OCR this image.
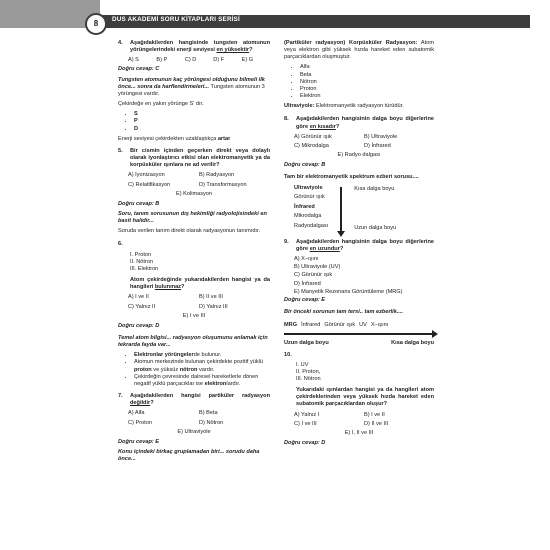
8	DUS AKADEMİ SORU KİTAPLARI SERİSİ
4.	Aşağıdakilerden hangisinde tungsten atomunun yörüngelerindeki enerji seviyesi en yüksektir?
A) S	B) P	C) D	D) F	E) G

Doğru cevap: C

Tungsten atomunun kaç yörüngesi olduğunu bilmeli ilk önce... sonra da harflendirmeleri... Tungsten atomunun 3 yörüngesi vardır.

Çekirdeğe en yakın yörünge S' dır.

• S
• P
• D

Enerji seviyesi çekirdekten uzaklaştıkça artar

5.	Bir cismin içinden geçerken direkt veya dolaylı olarak iyonlaştırıcı etkisi olan elektromanyetik ya da korpüsküler ışınlara ne ad verilir?
A) İyonizasyon	B) Radyasyon
C) Relatifikasyon	D) Transformasyon
E) Kolimasyon

Doğru cevap: B

Soru, tanım sorusunun dış hekimliği radyolojisindeki en basit halidir...

Soruda verilen tanım direkt olarak radyasyonun tanımıdır.

6.
I. Proton
II. Nötron
III. Elektron

Atom çekirdeğinde yukarıdakilerden hangisi ya da hangileri bulunmaz?

A) I ve II	B) II ve III
C) Yalnız II	D) Yalnız III
E) I ve III

Doğru cevap: D

Temel atom bilgisi... radyasyon oluşumunu anlamak için tekrarda fayda var...

• Elektronlar yörüngelerde bulunur.
• Atomun merkezinde bulunan çekirdekte pozitif yüklü proton ve yüksüz nötron vardır.
• Çekirdeğin çevresinde dairesel hareketlerle dönen negatif yüklü parçacıklar ise elektronlardır.
7.	Aşağıdakilerden hangisi partiküler radyasyon değildir?
A) Alfa	B) Beta
C) Proton	D) Nötron
E) Ultraviyole

Doğru cevap: E

Konu içindeki birkaç gruplamadan biri... sorudu daha önce...

(Partiküler radyasyon) Korpüsküler Radyasyon: Atom veya elektron gibi yüksek hızda hareket eden subatomik parçacıklardan oluşmuştur.

• Alfa
• Beta
• Nötron
• Proton
• Elektron

Ultraviyole: Elektromanyetik radyasyon türüdür.

8.	Aşağıdakilerden hangisinin dalga boyu diğerlerine göre en kısadır?
A) Görünür ışık	B) Ultraviyole
C) Mikrodalga	D) İnfrared
E) Radyo dalgası

Doğru cevap: B

Tam bir elektromanyetik spektrum ezberi sorusu....

Ultraviyole
Görünür ışık
İnfrared
Mikrodalga
Radyodalgası
Kısa dalga boyu
Uzun dalga boyu
9.	Aşağıdakilerden hangisinin dalga boyu diğerlerine göre en uzundur?
A) X–ışını
B) Ultraviyole (UV)
C) Görünür ışık
D) İnfrared
E) Manyetik Rezonans Görüntüleme (MRG)

Doğru cevap: E

Bir önceki sorunun tam tersi.. tam ezberlik....

MRG İnfrared Görünür ışık UV X–ışını
Uzun dalga boyu	Kısa dalga boyu
10.
I. UV
II. Proton,
III. Nötron

Yukarıdaki ışınlardan hangisi ya da hangileri atom çekirdeklerinden veya yüksek hızda hareket eden subatomik parçacıklardan oluşur?

A) Yalnız I	B) I ve II
C) I ve III	D) II ve III
E) I, II ve III

Doğru cevap: D
